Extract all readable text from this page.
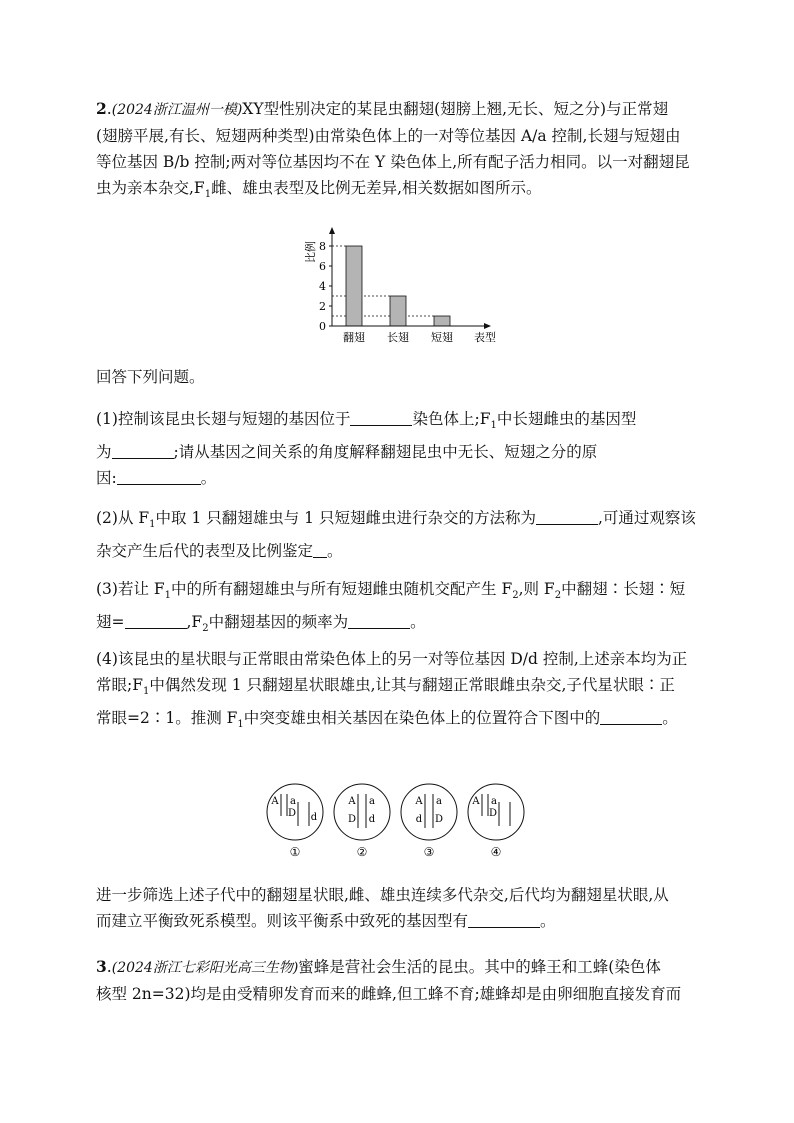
2.(2024浙江温州一模)XY型性别决定的某昆虫翻翅(翅膀上翘,无长、短之分)与正常翅
(翅膀平展,有长、短翅两种类型)由常染色体上的一对等位基因 A/a 控制,长翅与短翅由
等位基因 B/b 控制;两对等位基因均不在 Y 染色体上,所有配子活力相同。以一对翻翅昆
虫为亲本杂交$,F_1$雌、雄虫表型及比例无差异,相关数据如图所示。
0
2
4
6
8
翻翅 长翅 短翅
比例
表型
回答下列问题。
(1)控制该昆虫长翅与短翅的基因位于	染色体上$;F_1$中长翅雌虫的基因型
为	;请从基因之间关系的角度解释翻翅昆虫中无长、短翅之分的原
因:	。
(2)从 $F_1$中取 1 只翻翅雄虫与 1 只短翅雌虫进行杂交的方法称为	,可通过观察该
杂交产生后代的表型及比例鉴定 。
(3)若让 $F_1$中的所有翻翅雄虫与所有短翅雌虫随机交配产生 $F_2$,则 $F_2$中翻翅∶长翅∶短
翅=	$,F_2$中翻翅基因的频率为	。
(4)该昆虫的星状眼与正常眼由常染色体上的另一对等位基因 D/d 控制,上述亲本均为正
常眼$;F_1$中偶然发现 1 只翻翅星状眼雄虫,让其与翻翅正常眼雌虫杂交,子代星状眼∶正
常眼=2∶1。推测 $F_1$中突变雄虫相关基因在染色体上的位置符合下图中的	。
A a
D d
①
A a
D d
②
A a
d D
③
A a
D
④
进一步筛选上述子代中的翻翅星状眼,雌、雄虫连续多代杂交,后代均为翻翅星状眼,从
而建立平衡致死系模型。则该平衡系中致死的基因型有	。
3.(2024浙江七彩阳光高三生物)蜜蜂是营社会生活的昆虫。其中的蜂王和工蜂(染色体
核型 2n=32)均是由受精卵发育而来的雌蜂,但工蜂不育;雄蜂却是由卵细胞直接发育而
